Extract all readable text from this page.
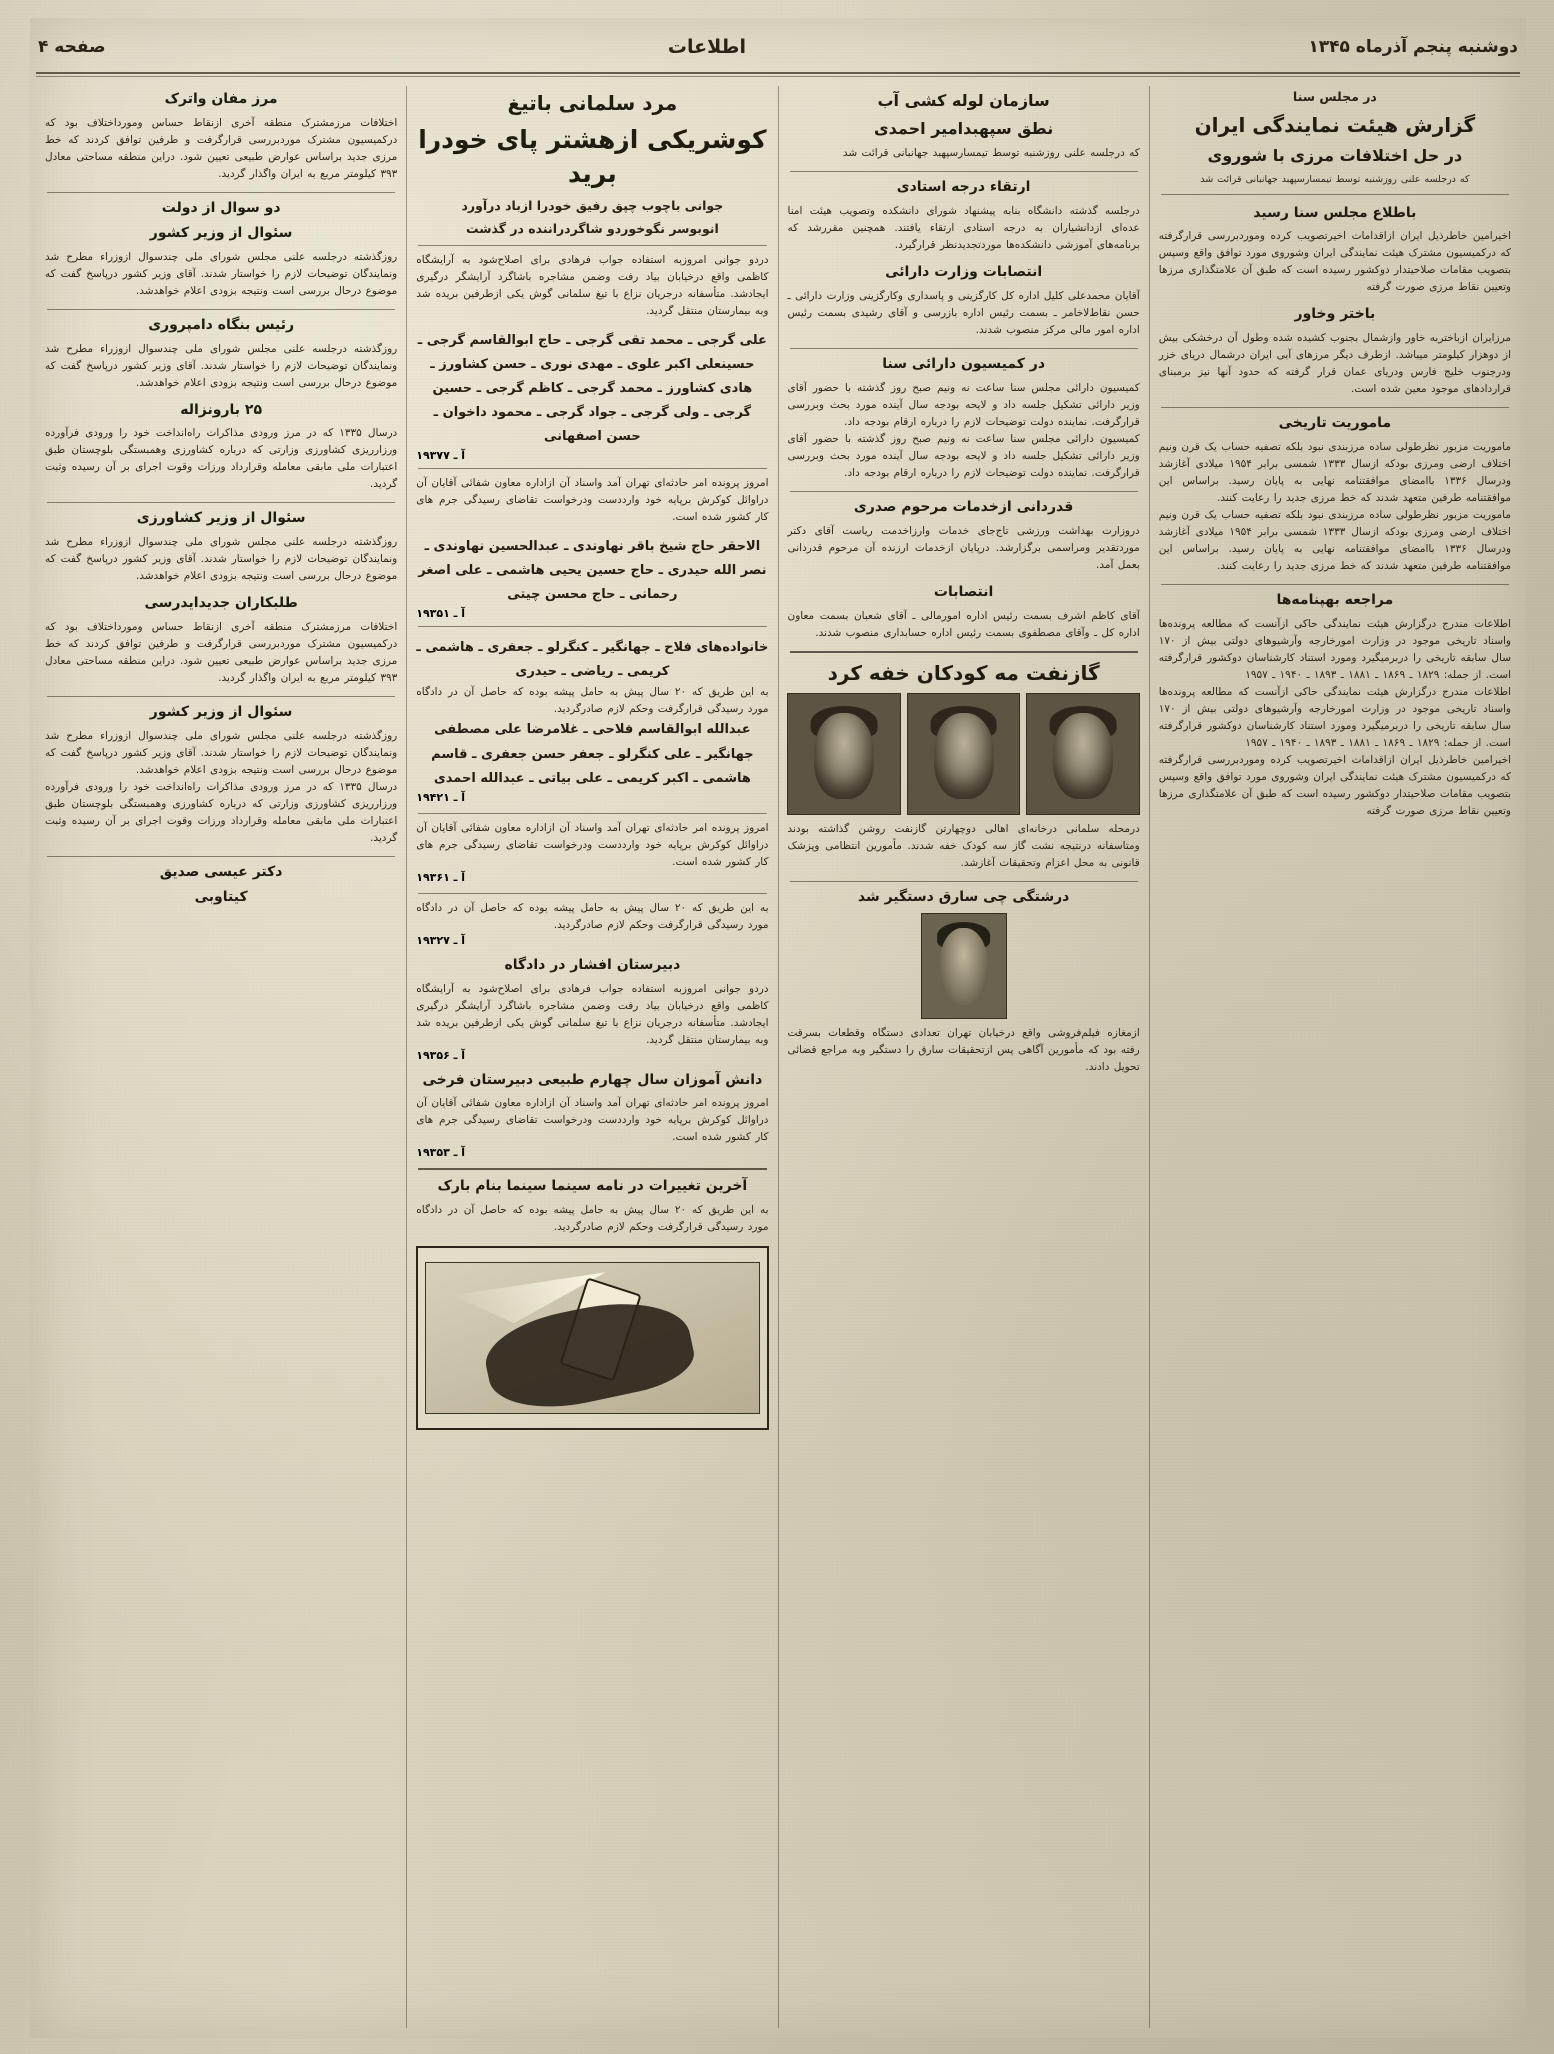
دوشنبه پنجم آذرماه ۱۳۴۵
اطلاعات
صفحه ۴
در مجلس سنا
گزارش هیئت نمایندگی ایران
در حل اختلافات مرزی با شوروی
که درجلسه علنی روزشنبه توسط تیمسارسپهبد جهانبانی قرائت شد
باطلاع مجلس سنا رسید
اخیرامین خاطرذیل ایران ازاقدامات اخیرتصویب کرده وموردبررسی قرارگرفته که درکمیسیون مشترک هیئت نمایندگی ایران وشوروی مورد توافق واقع وسپس بتصویب مقامات صلاحیتدار دوکشور رسیده است که طبق آن علامتگذاری مرزها وتعیین نقاط مرزی صورت گرفته
باختر وخاور
مرزایران ازباختربه خاور وازشمال بجنوب کشیده شده وطول آن درخشکی بیش از دوهزار کیلومتر میباشد. ازطرف دیگر مرزهای آبی ایران درشمال دریای خزر ودرجنوب خلیج فارس ودریای عمان قرار گرفته که حدود آنها نیز برمبنای قراردادهای موجود معین شده است.
ماموریت تاریخی
ماموریت مزبور نظرطولی ساده مرزبندی نبود بلکه تصفیه حساب یک قرن ونیم اختلاف ارضی ومرزی بودکه ازسال ۱۳۳۳ شمسی برابر ۱۹۵۴ میلادی آغازشد ودرسال ۱۳۳۶ باامضای موافقتنامه نهایی به پایان رسید. براساس این موافقتنامه طرفین متعهد شدند که خط مرزی جدید را رعایت کنند.
ماموریت مزبور نظرطولی ساده مرزبندی نبود بلکه تصفیه حساب یک قرن ونیم اختلاف ارضی ومرزی بودکه ازسال ۱۳۳۳ شمسی برابر ۱۹۵۴ میلادی آغازشد ودرسال ۱۳۳۶ باامضای موافقتنامه نهایی به پایان رسید. براساس این موافقتنامه طرفین متعهد شدند که خط مرزی جدید را رعایت کنند.
مراجعه بهپنامه‌ها
اطلاعات مندرج درگزارش هیئت نمایندگی حاکی ازآنست که مطالعه پرونده‌ها واسناد تاریخی موجود در وزارت امورخارجه وآرشیوهای دولتی بیش از ۱۷۰ سال سابقه تاریخی را دربرمیگیرد ومورد استناد کارشناسان دوکشور قرارگرفته است. از جمله: ۱۸۲۹ ـ ۱۸۶۹ ـ ۱۸۸۱ ـ ۱۸۹۳ ـ ۱۹۴۰ ـ ۱۹۵۷
اطلاعات مندرج درگزارش هیئت نمایندگی حاکی ازآنست که مطالعه پرونده‌ها واسناد تاریخی موجود در وزارت امورخارجه وآرشیوهای دولتی بیش از ۱۷۰ سال سابقه تاریخی را دربرمیگیرد ومورد استناد کارشناسان دوکشور قرارگرفته است. از جمله: ۱۸۲۹ ـ ۱۸۶۹ ـ ۱۸۸۱ ـ ۱۸۹۳ ـ ۱۹۴۰ ـ ۱۹۵۷
اخیرامین خاطرذیل ایران ازاقدامات اخیرتصویب کرده وموردبررسی قرارگرفته که درکمیسیون مشترک هیئت نمایندگی ایران وشوروی مورد توافق واقع وسپس بتصویب مقامات صلاحیتدار دوکشور رسیده است که طبق آن علامتگذاری مرزها وتعیین نقاط مرزی صورت گرفته
سازمان لوله کشی آب
نطق سپهبدامیر احمدی
که درجلسه علنی روزشنبه توسط تیمسارسپهبد جهانبانی قرائت شد
ارتقاء درجه استادی
درجلسه گذشته دانشگاه بنابه پیشنهاد شورای دانشکده وتصویب هیئت امنا عده‌ای ازدانشیاران به درجه استادی ارتقاء یافتند. همچنین مقررشد که برنامه‌های آموزشی دانشکده‌ها موردتجدیدنظر قرارگیرد.
انتصابات وزارت دارائی
آقایان محمدعلی کلیل اداره کل کارگزینی و پاسداری وکارگزینی وزارت دارائی ـ حسن نقاط‌لاخامر ـ بسمت رئیس اداره بازرسی و آقای رشیدی بسمت رئیس اداره امور مالی مرکز منصوب شدند.
در کمیسیون دارائی سنا
کمیسیون دارائی مجلس سنا ساعت نه ونیم صبح روز گذشته با حضور آقای وزیر دارائی تشکیل جلسه داد و لایحه بودجه سال آینده مورد بحث وبررسی قرارگرفت. نماینده دولت توضیحات لازم را درباره ارقام بودجه داد.
کمیسیون دارائی مجلس سنا ساعت نه ونیم صبح روز گذشته با حضور آقای وزیر دارائی تشکیل جلسه داد و لایحه بودجه سال آینده مورد بحث وبررسی قرارگرفت. نماینده دولت توضیحات لازم را درباره ارقام بودجه داد.
قدردانی ازخدمات مرحوم صدری
دروزارت بهداشت ورزشی تاج‌جای خدمات وارزاخدمت ریاست آقای دکتر موردتقدیر ومراسمی برگزارشد. درپایان ازخدمات ارزنده آن مرحوم قدردانی بعمل آمد.
انتصابات
آقای کاظم اشرف بسمت رئیس اداره امورمالی ـ آقای شعبان بسمت معاون اداره کل ـ وآقای مصطفوی بسمت رئیس اداره حسابداری منصوب شدند.
گازنفت مه کودکان خفه کرد
درمحله سلمانی درخانه‌ای اهالی دوچهارتن گازنفت روشن گذاشته بودند ومتاسفانه درنتیجه نشت گاز سه کودک خفه شدند. مأمورین انتظامی وپزشک قانونی به محل اعزام وتحقیقات آغازشد.
درشتگی چی سارق دستگیر شد
ازمغازه فیلم‌فروشی واقع درخیابان تهران تعدادی دستگاه وقطعات بسرقت رفته بود که مأمورین آگاهی پس ازتحقیقات سارق را دستگیر وبه مراجع قضائی تحویل دادند.
مرد سلمانی باتیغ
کوشریکی ازهشتر پای خودرا برید
جوانی باچوب چپق رفیق خودرا ازباد درآورد
انوبوسر نگوخوردو شاگردراننده در گذشت
دردو جوانی امروزبه استفاده جواب فرهادی برای اصلاح‌شود به آرایشگاه کاظمی واقع درخیابان بیاد رفت وضمن مشاجره باشاگرد آرایشگر درگیری ایجادشد. متأسفانه درجریان نزاع با تیغ سلمانی گوش یکی ازطرفین بریده شد وبه بیمارستان منتقل گردید.
علی گرجی ـ محمد تقی گرجی ـ حاج ابوالقاسم گرجی ـ حسینعلی اکبر علوی ـ مهدی نوری ـ حسن کشاورز ـ هادی کشاورز ـ محمد گرجی ـ کاظم گرجی ـ حسین گرجی ـ ولی گرجی ـ جواد گرجی ـ محمود داخوان ـ حسن اصفهانی
آ ـ ۱۹۳۷۷
امروز پرونده امر حادثه‌ای تهران آمد واسناد آن ازاداره معاون شفائی آقایان آن دراوائل کوکرش برپایه خود وارددست ودرخواست تقاضای رسیدگی جرم های کار کشور شده است.
الاحقر حاج شیخ باقر نهاوندی ـ عبدالحسین نهاوندی ـ نصر الله حیدری ـ حاج حسین یحیی هاشمی ـ علی اصغر رحمانی ـ حاج محسن چیتی
آ ـ ۱۹۳۵۱
خانواده‌های فلاح ـ جهانگیر ـ کنگرلو ـ جعفری ـ هاشمی ـ کریمی ـ ریاضی ـ حیدری
به این طریق که ۲۰ سال پیش به حامل پیشه بوده که حاصل آن در دادگاه مورد رسیدگی قرارگرفت وحکم لازم صادرگردید.
عبدالله ابوالقاسم فلاحی ـ غلامرضا علی مصطفی جهانگیر ـ علی کنگرلو ـ جعفر حسن جعفری ـ قاسم هاشمی ـ اکبر کریمی ـ علی بیاتی ـ عبدالله احمدی
آ ـ ۱۹۴۲۱
امروز پرونده امر حادثه‌ای تهران آمد واسناد آن ازاداره معاون شفائی آقایان آن دراوائل کوکرش برپایه خود وارددست ودرخواست تقاضای رسیدگی جرم های کار کشور شده است.
آ ـ ۱۹۳۶۱
به این طریق که ۲۰ سال پیش به حامل پیشه بوده که حاصل آن در دادگاه مورد رسیدگی قرارگرفت وحکم لازم صادرگردید.
آ ـ ۱۹۳۲۷
دبیرستان افشار در دادگاه
دردو جوانی امروزبه استفاده جواب فرهادی برای اصلاح‌شود به آرایشگاه کاظمی واقع درخیابان بیاد رفت وضمن مشاجره باشاگرد آرایشگر درگیری ایجادشد. متأسفانه درجریان نزاع با تیغ سلمانی گوش یکی ازطرفین بریده شد وبه بیمارستان منتقل گردید.
آ ـ ۱۹۳۵۶
دانش آموزان سال چهارم طبیعی دبیرستان فرخی
امروز پرونده امر حادثه‌ای تهران آمد واسناد آن ازاداره معاون شفائی آقایان آن دراوائل کوکرش برپایه خود وارددست ودرخواست تقاضای رسیدگی جرم های کار کشور شده است.
آ ـ ۱۹۳۵۳
آخرین تغییرات در نامه سینما سینما بنام بارک
به این طریق که ۲۰ سال پیش به حامل پیشه بوده که حاصل آن در دادگاه مورد رسیدگی قرارگرفت وحکم لازم صادرگردید.
مرز مفان واترک
اختلافات مرزمشترک منطقه آخری ازنقاط حساس ومورداختلاف بود که درکمیسیون مشترک موردبررسی قرارگرفت و طرفین توافق کردند که خط مرزی جدید براساس عوارض طبیعی تعیین شود. دراین منطقه مساحتی معادل ۳۹۳ کیلومتر مربع به ایران واگذار گردید.
دو سوال از دولت
سئوال از وزیر کشور
روزگذشته درجلسه علنی مجلس شورای ملی چندسوال ازوزراء مطرح شد ونمایندگان توضیحات لازم را خواستار شدند. آقای وزیر کشور درپاسخ گفت که موضوع درحال بررسی است ونتیجه بزودی اعلام خواهدشد.
رئیس بنگاه دامپروری
روزگذشته درجلسه علنی مجلس شورای ملی چندسوال ازوزراء مطرح شد ونمایندگان توضیحات لازم را خواستار شدند. آقای وزیر کشور درپاسخ گفت که موضوع درحال بررسی است ونتیجه بزودی اعلام خواهدشد.
۲۵ بارونزاله
درسال ۱۳۳۵ که در مرز ورودی مذاکرات راه‌انداخت خود را ورودی فرآورده ورزار‌ریزی کشاورزی وزارتی که درباره کشاورزی وهمبستگی بلوچستان طبق اعتبارات ملی مابقی معامله وقرارداد ورزات وقوت اجرای بر آن رسیده وثبت گردید.
سئوال از وزیر کشاورزی
روزگذشته درجلسه علنی مجلس شورای ملی چندسوال ازوزراء مطرح شد ونمایندگان توضیحات لازم را خواستار شدند. آقای وزیر کشور درپاسخ گفت که موضوع درحال بررسی است ونتیجه بزودی اعلام خواهدشد.
طلبکاران جدیدایدرسی
اختلافات مرزمشترک منطقه آخری ازنقاط حساس ومورداختلاف بود که درکمیسیون مشترک موردبررسی قرارگرفت و طرفین توافق کردند که خط مرزی جدید براساس عوارض طبیعی تعیین شود. دراین منطقه مساحتی معادل ۳۹۳ کیلومتر مربع به ایران واگذار گردید.
سئوال از وزیر کشور
روزگذشته درجلسه علنی مجلس شورای ملی چندسوال ازوزراء مطرح شد ونمایندگان توضیحات لازم را خواستار شدند. آقای وزیر کشور درپاسخ گفت که موضوع درحال بررسی است ونتیجه بزودی اعلام خواهدشد.
درسال ۱۳۳۵ که در مرز ورودی مذاکرات راه‌انداخت خود را ورودی فرآورده ورزار‌ریزی کشاورزی وزارتی که درباره کشاورزی وهمبستگی بلوچستان طبق اعتبارات ملی مابقی معامله وقرارداد ورزات وقوت اجرای بر آن رسیده وثبت گردید.
دکتر عیسی صدیق
کیتاوبی
